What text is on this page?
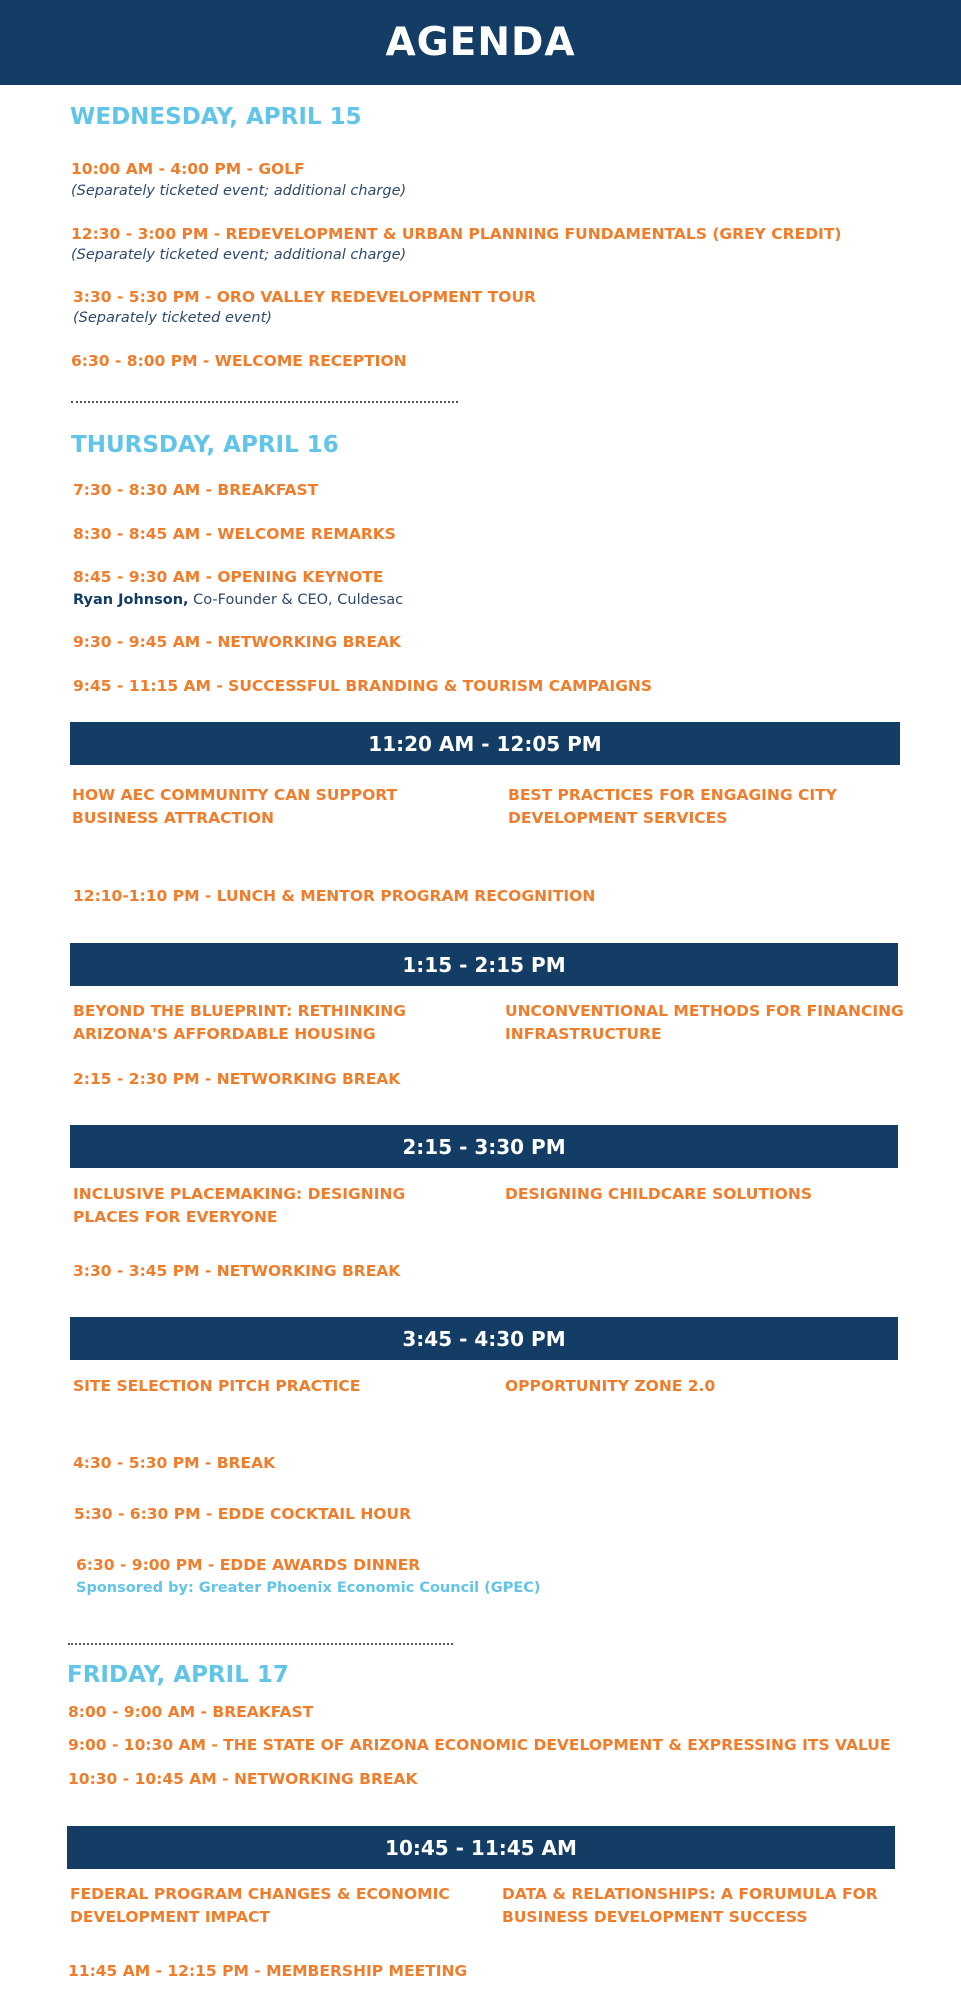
AGENDA
WEDNESDAY, APRIL 15
10:00 AM - 4:00 PM - GOLF
(Separately ticketed event; additional charge)
12:30 - 3:00 PM - REDEVELOPMENT & URBAN PLANNING FUNDAMENTALS (GREY CREDIT)
(Separately ticketed event; additional charge)
3:30 - 5:30 PM - ORO VALLEY REDEVELOPMENT TOUR
(Separately ticketed event)
6:30 - 8:00 PM - WELCOME RECEPTION
THURSDAY, APRIL 16
7:30 - 8:30 AM - BREAKFAST
8:30 - 8:45 AM - WELCOME REMARKS
8:45 - 9:30 AM - OPENING KEYNOTE
Ryan Johnson, Co-Founder & CEO, Culdesac
9:30 - 9:45 AM - NETWORKING BREAK
9:45 - 11:15 AM - SUCCESSFUL BRANDING & TOURISM CAMPAIGNS
11:20 AM - 12:05 PM
HOW AEC COMMUNITY CAN SUPPORT BUSINESS ATTRACTION
BEST PRACTICES FOR ENGAGING CITY DEVELOPMENT SERVICES
12:10-1:10 PM - LUNCH & MENTOR PROGRAM RECOGNITION
1:15 - 2:15 PM
BEYOND THE BLUEPRINT: RETHINKING ARIZONA'S AFFORDABLE HOUSING
UNCONVENTIONAL METHODS FOR FINANCING INFRASTRUCTURE
2:15 - 2:30 PM - NETWORKING BREAK
2:15 - 3:30 PM
INCLUSIVE PLACEMAKING: DESIGNING PLACES FOR EVERYONE
DESIGNING CHILDCARE SOLUTIONS
3:30 - 3:45 PM - NETWORKING BREAK
3:45 - 4:30 PM
SITE SELECTION PITCH PRACTICE	OPPORTUNITY ZONE 2.0
4:30 - 5:30 PM - BREAK
5:30 - 6:30 PM - EDDE COCKTAIL HOUR
6:30 - 9:00 PM - EDDE AWARDS DINNER
Sponsored by: Greater Phoenix Economic Council (GPEC)
FRIDAY, APRIL 17
8:00 - 9:00 AM - BREAKFAST
9:00 - 10:30 AM - THE STATE OF ARIZONA ECONOMIC DEVELOPMENT & EXPRESSING ITS VALUE
10:30 - 10:45 AM - NETWORKING BREAK
10:45 - 11:45 AM
FEDERAL PROGRAM CHANGES & ECONOMIC DEVELOPMENT IMPACT
DATA & RELATIONSHIPS: A FORUMULA FOR BUSINESS DEVELOPMENT SUCCESS
11:45 AM - 12:15 PM - MEMBERSHIP MEETING
